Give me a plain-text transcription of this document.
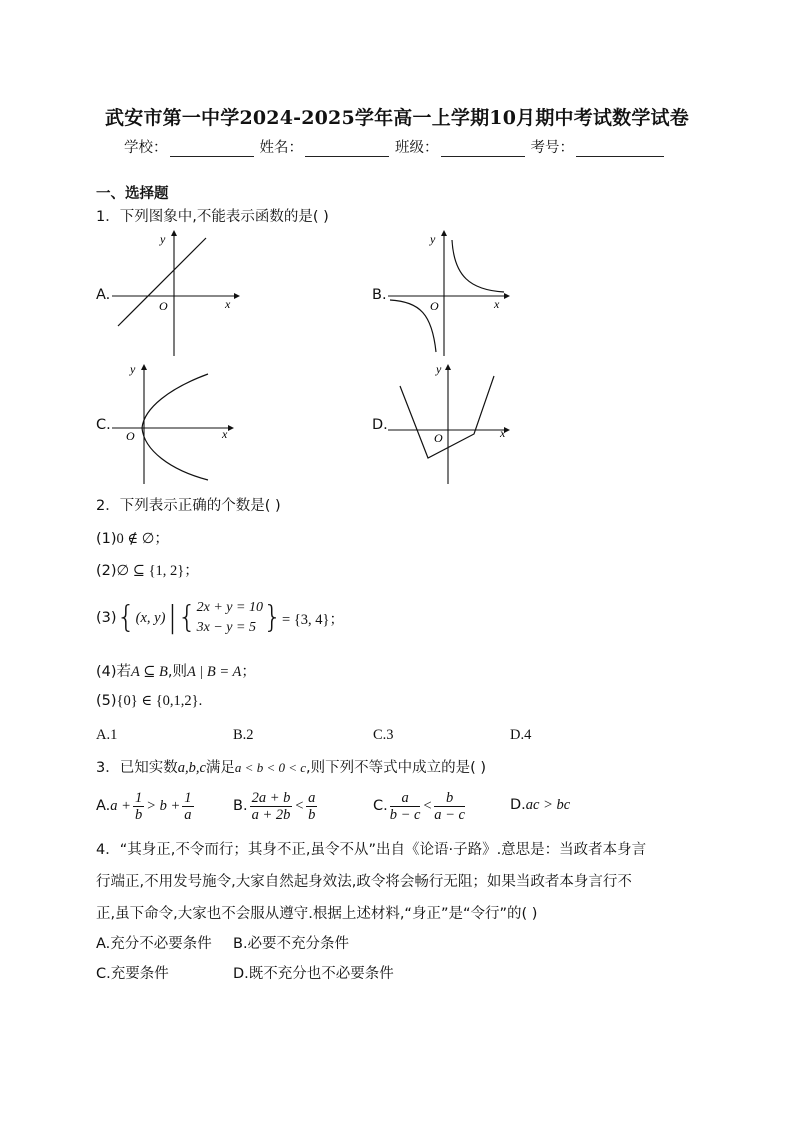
武安市第一中学2024-2025学年高一上学期10月期中考试数学试卷
学校：	姓名：	班级：	考号：
一、选择题
1．下列图象中,不能表示函数的是( )
A.
x
y
O
B.
x
y
O
C.
x
y
O
D.	x
y
O
2．下列表示正确的个数是( )
(1)0 ∉ ∅；
(2)∅ ⊆ {1, 2}；
(3) { (x, y) |{ 2x + y = 10
3x − y = 5 } = {3, 4}；
(4)若A ⊆ B,则A | B = A；
(5){0} ∈ {0,1,2}.
A.1	B.2	C.3	D.4
3．已知实数a,b,c满足a < b < 0 < c,则下列不等式中成立的是( )
A. $a + \frac{1}{b} > b + \frac{1}{a}$	B. $\frac{2a + b}{a + 2b} < \frac{a}{b}$	C. $\frac{a}{b - c} < \frac{b}{a - c}$	D.ac > bc
4．“其身正,不令而行；其身不正,虽令不从”出自《论语·子路》.意思是：当政者本身言
行端正,不用发号施令,大家自然起身效法,政令将会畅行无阻；如果当政者本身言行不
正,虽下命令,大家也不会服从遵守.根据上述材料,“身正”是“令行”的( )
A.充分不必要条件 B.必要不充分条件
C.充要条件	D.既不充分也不必要条件
